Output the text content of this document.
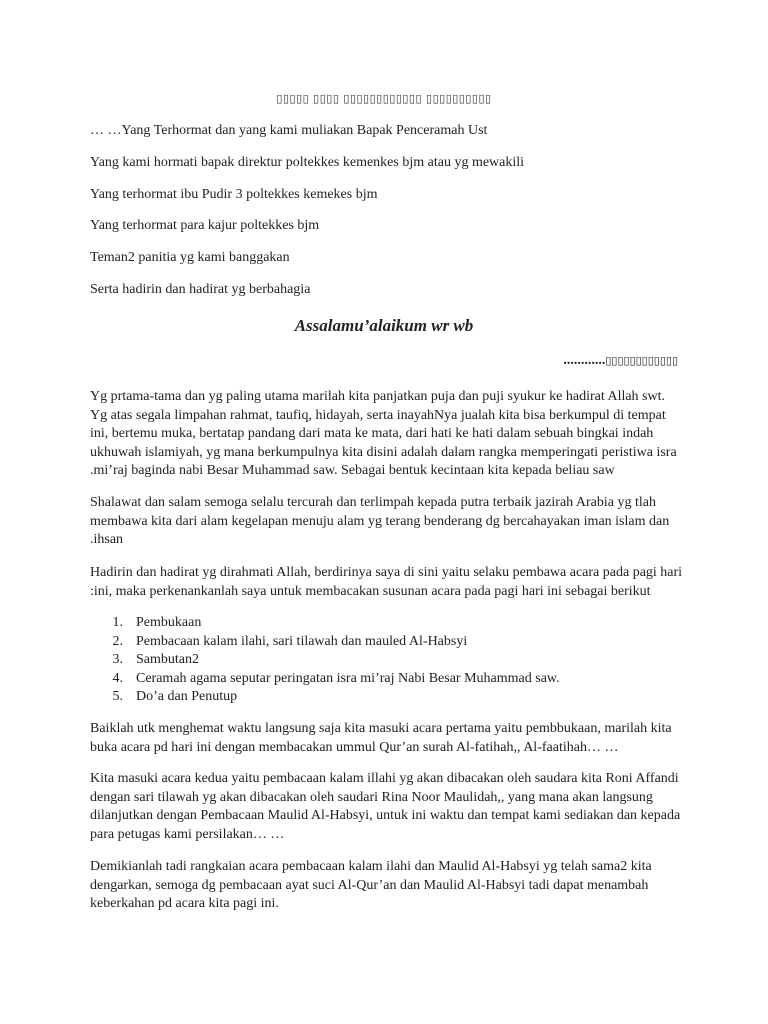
▯▯▯▯▯ ▯▯▯▯ ▯▯▯▯▯▯▯▯▯▯▯▯ ▯▯▯▯▯▯▯▯▯▯
… …Yang Terhormat dan yang kami muliakan Bapak Penceramah Ust
Yang kami hormati bapak direktur poltekkes kemenkes bjm atau yg mewakili
Yang terhormat ibu Pudir 3 poltekkes kemekes bjm
Yang terhormat para kajur poltekkes bjm
Teman2 panitia yg kami banggakan
Serta hadirin dan hadirat yg berbahagia
Assalamu’alaikum wr wb
............▯▯▯▯▯▯▯▯▯▯▯▯
Yg prtama-tama dan yg paling utama marilah kita panjatkan puja dan puji syukur ke hadirat Allah swt.
Yg atas segala limpahan rahmat, taufiq, hidayah, serta inayahNya jualah kita bisa berkumpul di tempat
ini, bertemu muka, bertatap pandang dari mata ke mata, dari hati ke hati dalam sebuah bingkai indah
ukhuwah islamiyah, yg mana berkumpulnya kita disini adalah dalam rangka memperingati peristiwa isra
.mi’raj baginda nabi Besar Muhammad saw. Sebagai bentuk kecintaan kita kepada beliau saw
Shalawat dan salam semoga selalu tercurah dan terlimpah kepada putra terbaik jazirah Arabia yg tlah
membawa kita dari alam kegelapan menuju alam yg terang benderang dg bercahayakan iman islam dan
.ihsan
Hadirin dan hadirat yg dirahmati Allah, berdirinya saya di sini yaitu selaku pembawa acara pada pagi hari
:ini, maka perkenankanlah saya untuk membacakan susunan acara pada pagi hari ini sebagai berikut
1. Pembukaan
2. Pembacaan kalam ilahi, sari tilawah dan mauled Al-Habsyi
3. Sambutan2
4. Ceramah agama seputar peringatan isra mi’raj Nabi Besar Muhammad saw.
5. Do’a dan Penutup
Baiklah utk menghemat waktu langsung saja kita masuki acara pertama yaitu pembbukaan, marilah kita
buka acara pd hari ini dengan membacakan ummul Qur’an surah Al-fatihah,, Al-faatihah… …
Kita masuki acara kedua yaitu pembacaan kalam illahi yg akan dibacakan oleh saudara kita Roni Affandi
dengan sari tilawah yg akan dibacakan oleh saudari Rina Noor Maulidah,, yang mana akan langsung
dilanjutkan dengan Pembacaan Maulid Al-Habsyi, untuk ini waktu dan tempat kami sediakan dan kepada
para petugas kami persilakan… …
Demikianlah tadi rangkaian acara pembacaan kalam ilahi dan Maulid Al-Habsyi yg telah sama2 kita
dengarkan, semoga dg pembacaan ayat suci Al-Qur’an dan Maulid Al-Habsyi tadi dapat menambah
keberkahan pd acara kita pagi ini.
